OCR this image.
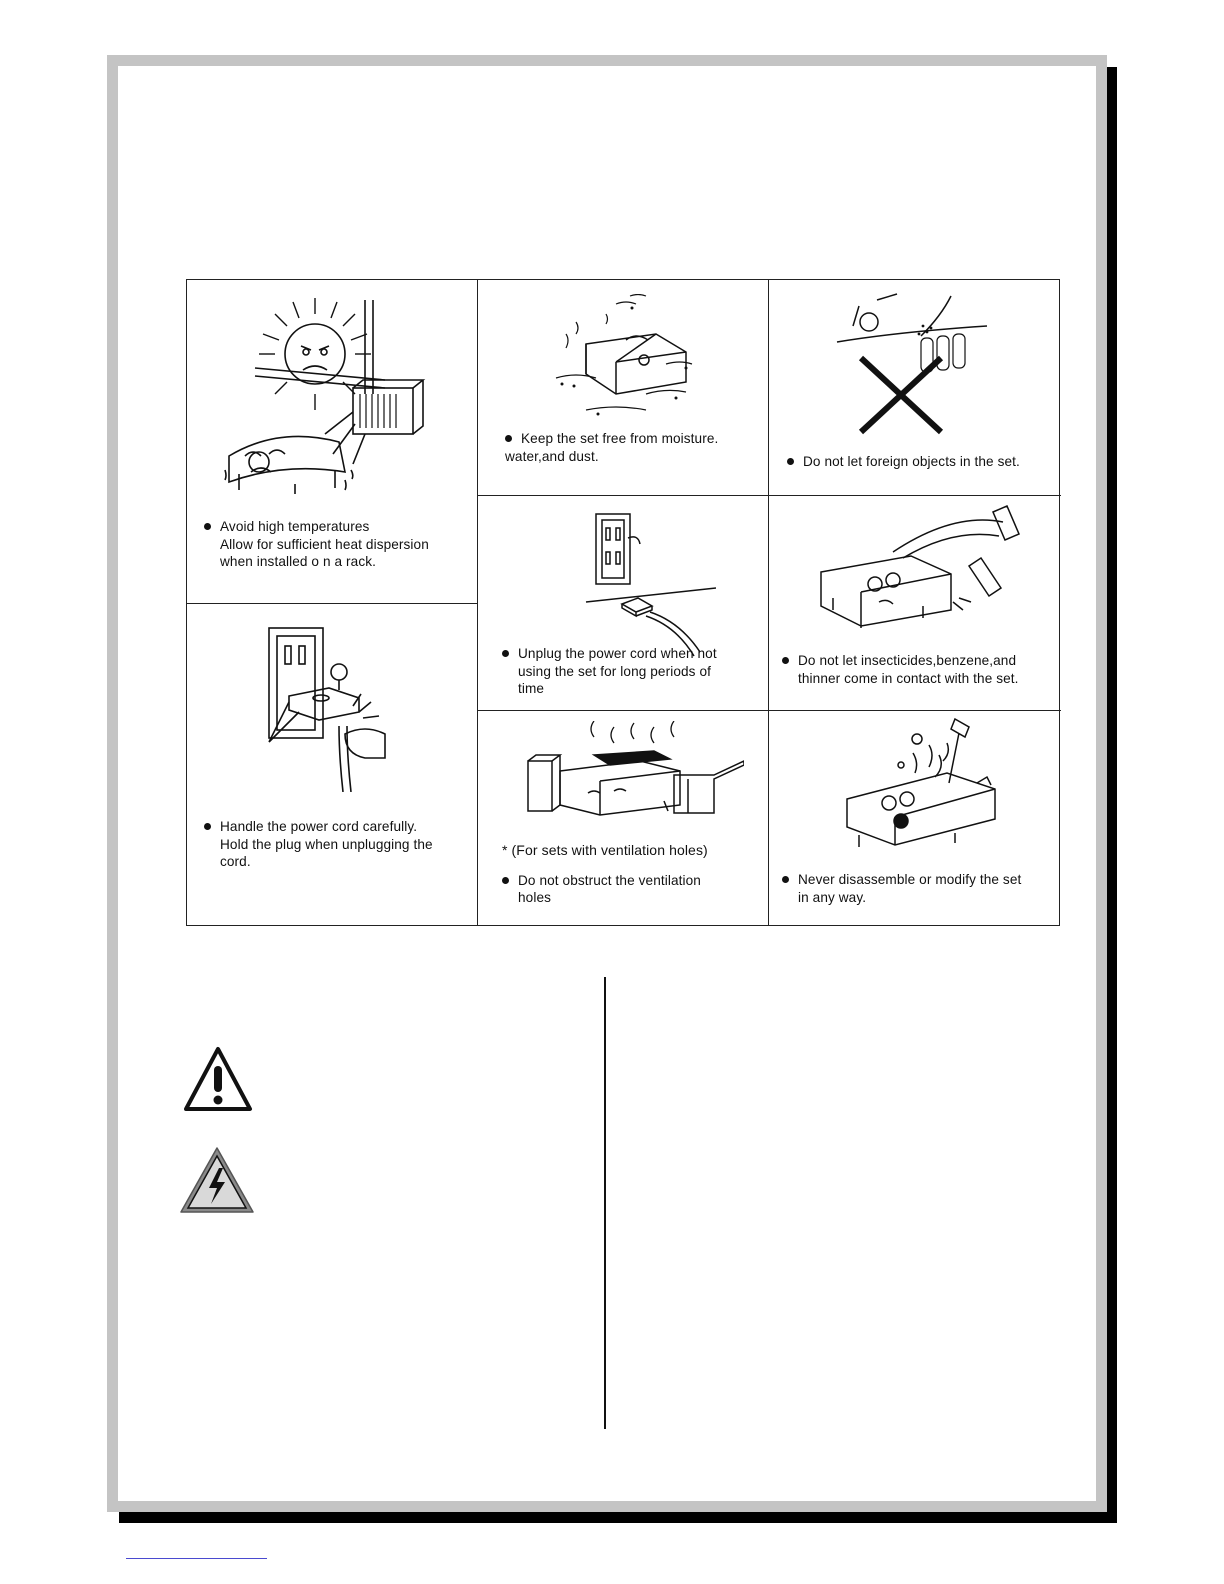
Avoid high temperatures
Allow for sufficient heat dispersion
when installed o n a rack.
Keep the set free from moisture.
water,and dust.	Do not let foreign objects in the set.
Unplug the power cord when not
using the set for long periods of
time
Do not let insecticides,benzene,and
thinner come in contact with the set.
Handle the power cord carefully.
Hold the plug when unplugging the
cord.
* (For sets with ventilation holes)
Do not obstruct the ventilation
holes
Never disassemble or modify the set
in any way.
